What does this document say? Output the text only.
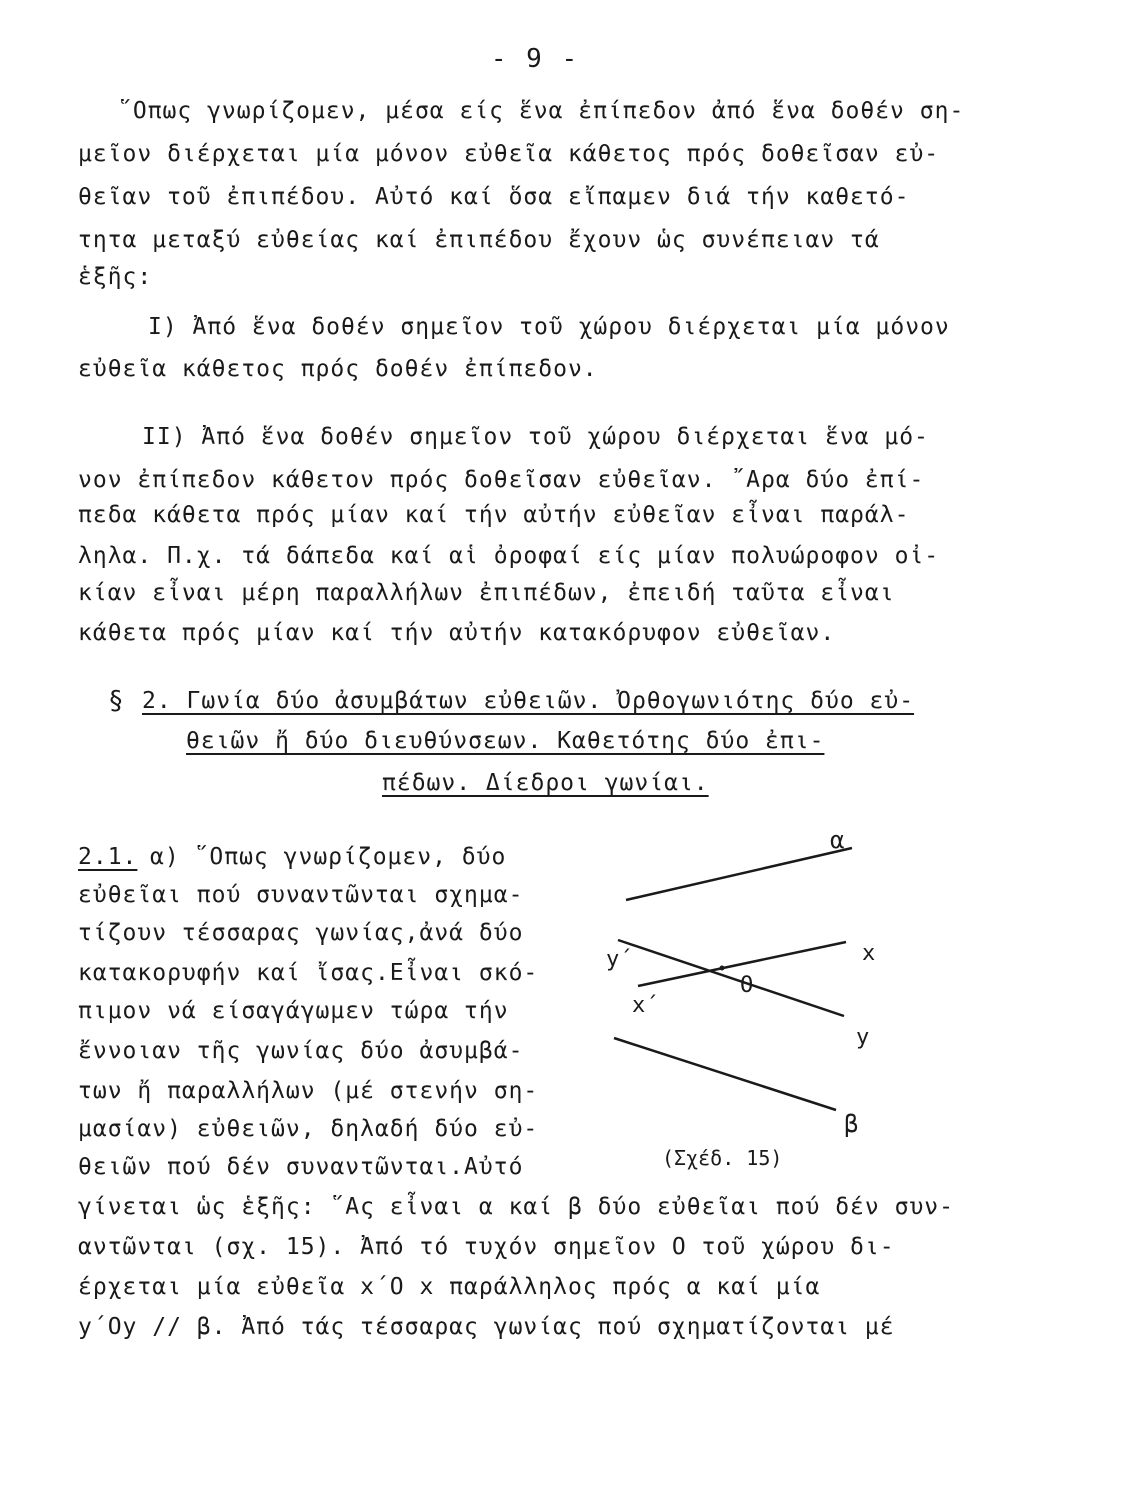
- 9 -
῞Οπως γνωρίζομεν, μέσα είς ἕνα ἐπίπεδον ἀπό ἕνα δοθέν ση-
μεῖον διέρχεται μία μόνον εὐθεῖα κάθετος πρός δοθεῖσαν εὐ-
θεῖαν τοῦ ἐπιπέδου. Αὐτό καί ὅσα εἴπαμεν διά τήν καθετό-
τητα μεταξύ εὐθείας καί ἐπιπέδου ἔχουν ὡς συνέπειαν τά
ἑξῆς:
I) Ἀπό ἕνα δοθέν σημεῖον τοῦ χώρου διέρχεται μία μόνον
εὐθεῖα κάθετος πρός δοθέν ἐπίπεδον.
II) Ἀπό ἕνα δοθέν σημεῖον τοῦ χώρου διέρχεται ἕνα μό-
νον ἐπίπεδον κάθετον πρός δοθεῖσαν εὐθεῖαν. ῎Αρα δύο ἐπί-
πεδα κάθετα πρός μίαν καί τήν αὐτήν εὐθεῖαν εἶναι παράλ-
ληλα. Π.χ. τά δάπεδα καί αἱ ὀροφαί είς μίαν πολυώροφον οἰ-
κίαν εἶναι μέρη παραλλήλων ἐπιπέδων, ἐπειδή ταῦτα εἶναι
κάθετα πρός μίαν καί τήν αὐτήν κατακόρυφον εὐθεῖαν.
§ 2. Γωνία δύο ἀσυμβάτων εὐθειῶν. Ὀρθογωνιότης δύο εὐ-
θειῶν ἤ δύο διευθύνσεων. Καθετότης δύο ἐπι-
πέδων. Δίεδροι γωνίαι.
2.1. α) ῞Οπως γνωρίζομεν, δύο
εὐθεῖαι πού συναντῶνται σχημα-
τίζουν τέσσαρας γωνίας,ἀνά δύο
κατακορυφήν καί ἴσας.Εἶναι σκό-
πιμον νά είσαγάγωμεν τώρα τήν
ἔννοιαν τῆς γωνίας δύο ἀσυμβά-
των ἤ παραλλήλων (μέ στενήν ση-
μασίαν) εὐθειῶν, δηλαδή δύο εὐ-
θειῶν πού δέν συναντῶνται.Αὐτό
γίνεται ὡς ἑξῆς: ῞Ας εἶναι α καί β δύο εὐθεῖαι πού δέν συν-
αντῶνται (σχ. 15). Ἀπό τό τυχόν σημεῖον Ο τοῦ χώρου δι-
έρχεται μία εὐθεῖα x΄Ο x παράλληλος πρός α καί μία
y΄Oy // β. Ἀπό τάς τέσσαρας γωνίας πού σχηματίζονται μέ
α
β
x
x΄
y
y΄
O
(Σχέδ. 15)
